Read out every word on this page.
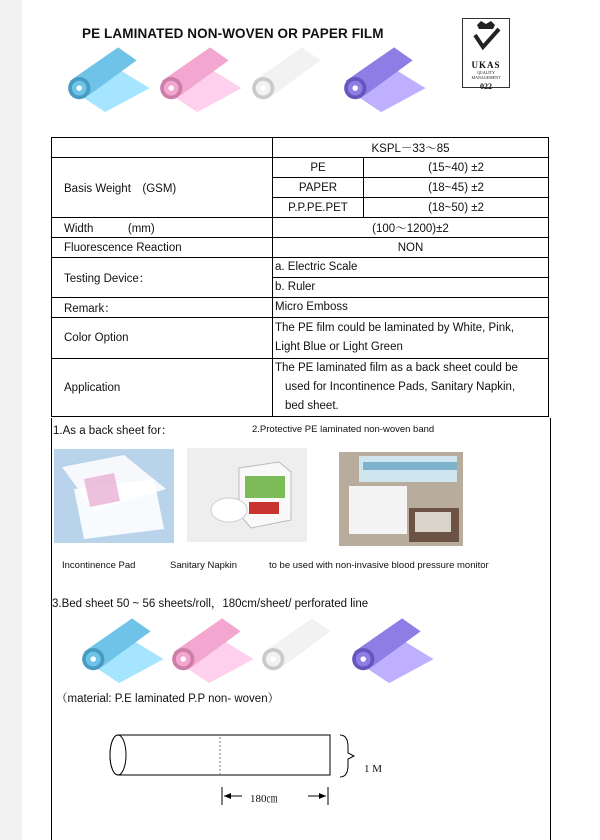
PE LAMINATED NON-WOVEN OR PAPER FILM
UKAS
QUALITY
MANAGEMENT
022
	KSPL－33～85	
Basis Weight　(GSM)	PE	(15~40) ±2
	PAPER	(18~45) ±2
	P.P.PE.PET	(18~50) ±2
Width　　　(mm)	(100～1200)±2	
Fluorescence Reaction	NON	
Testing Device：	a. Electric Scale	
	b. Ruler	
Remark：	Micro Emboss	
Color Option	The PE film could be laminated by White, Pink,
Light Blue or Light Green	

Application	The PE laminated film as a back sheet could be
used for Incontinence Pads, Sanitary Napkin,
bed sheet.	
1.As a back sheet for：	2.Protective PE laminated non-woven band
Incontinence Pad	Sanitary Napkin	to be used with non-invasive blood pressure monitor
3.Bed sheet 50 ~ 56 sheets/roll，180cm/sheet/ perforated line
（material: P.E laminated P.P non- woven）
1 M
180㎝
